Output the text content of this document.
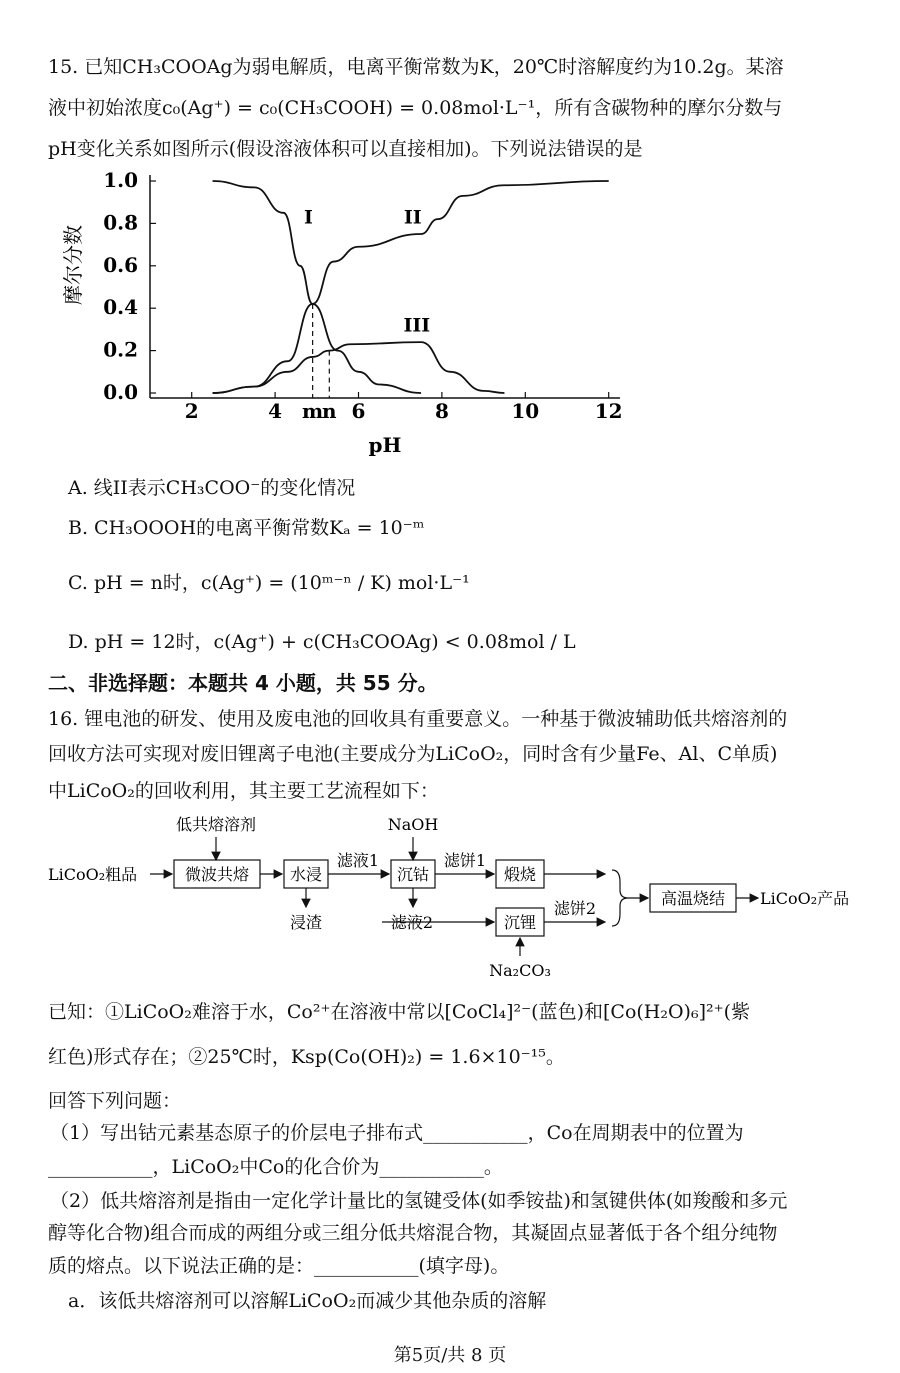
15. 已知CH₃COOAg为弱电解质，电离平衡常数为K，20℃时溶解度约为10.2g。某溶
液中初始浓度c₀(Ag⁺) = c₀(CH₃COOH) = 0.08mol·L⁻¹，所有含碳物种的摩尔分数与
pH变化关系如图所示(假设溶液体积可以直接相加)。下列说法错误的是
0.0
0.2
0.4
0.6
0.8
1.0
2	4 m
n 6	8	10	12
I	II
III
摩尔分数
pH
A. 线II表示CH₃COO⁻的变化情况
B. CH₃OOOH的电离平衡常数Kₐ = 10⁻ᵐ
C. pH = n时，c(Ag⁺) = (10ᵐ⁻ⁿ / K) mol·L⁻¹
D. pH = 12时，c(Ag⁺) + c(CH₃COOAg) < 0.08mol / L
二、非选择题：本题共 4 小题，共 55 分。
16. 锂电池的研发、使用及废电池的回收具有重要意义。一种基于微波辅助低共熔溶剂的
回收方法可实现对废旧锂离子电池(主要成分为LiCoO₂，同时含有少量Fe、Al、C单质)
中LiCoO₂的回收利用，其主要工艺流程如下：
低共熔溶剂	NaOH
LiCoO₂粗品	微波共熔	水浸
滤液1
沉钴
滤饼1
煅烧
浸渣	滤液2	沉锂
滤饼2
Na₂CO₃
高温烧结 LiCoO₂产品
已知：①LiCoO₂难溶于水，Co²⁺在溶液中常以[CoCl₄]²⁻(蓝色)和[Co(H₂O)₆]²⁺(紫
红色)形式存在；②25℃时，Ksp(Co(OH)₂) = 1.6×10⁻¹⁵。
回答下列问题：
（1）写出钴元素基态原子的价层电子排布式___________，Co在周期表中的位置为
___________，LiCoO₂中Co的化合价为___________。
（2）低共熔溶剂是指由一定化学计量比的氢键受体(如季铵盐)和氢键供体(如羧酸和多元
醇等化合物)组合而成的两组分或三组分低共熔混合物，其凝固点显著低于各个组分纯物
质的熔点。以下说法正确的是：___________(填字母)。
a．该低共熔溶剂可以溶解LiCoO₂而减少其他杂质的溶解
第5页/共 8 页
